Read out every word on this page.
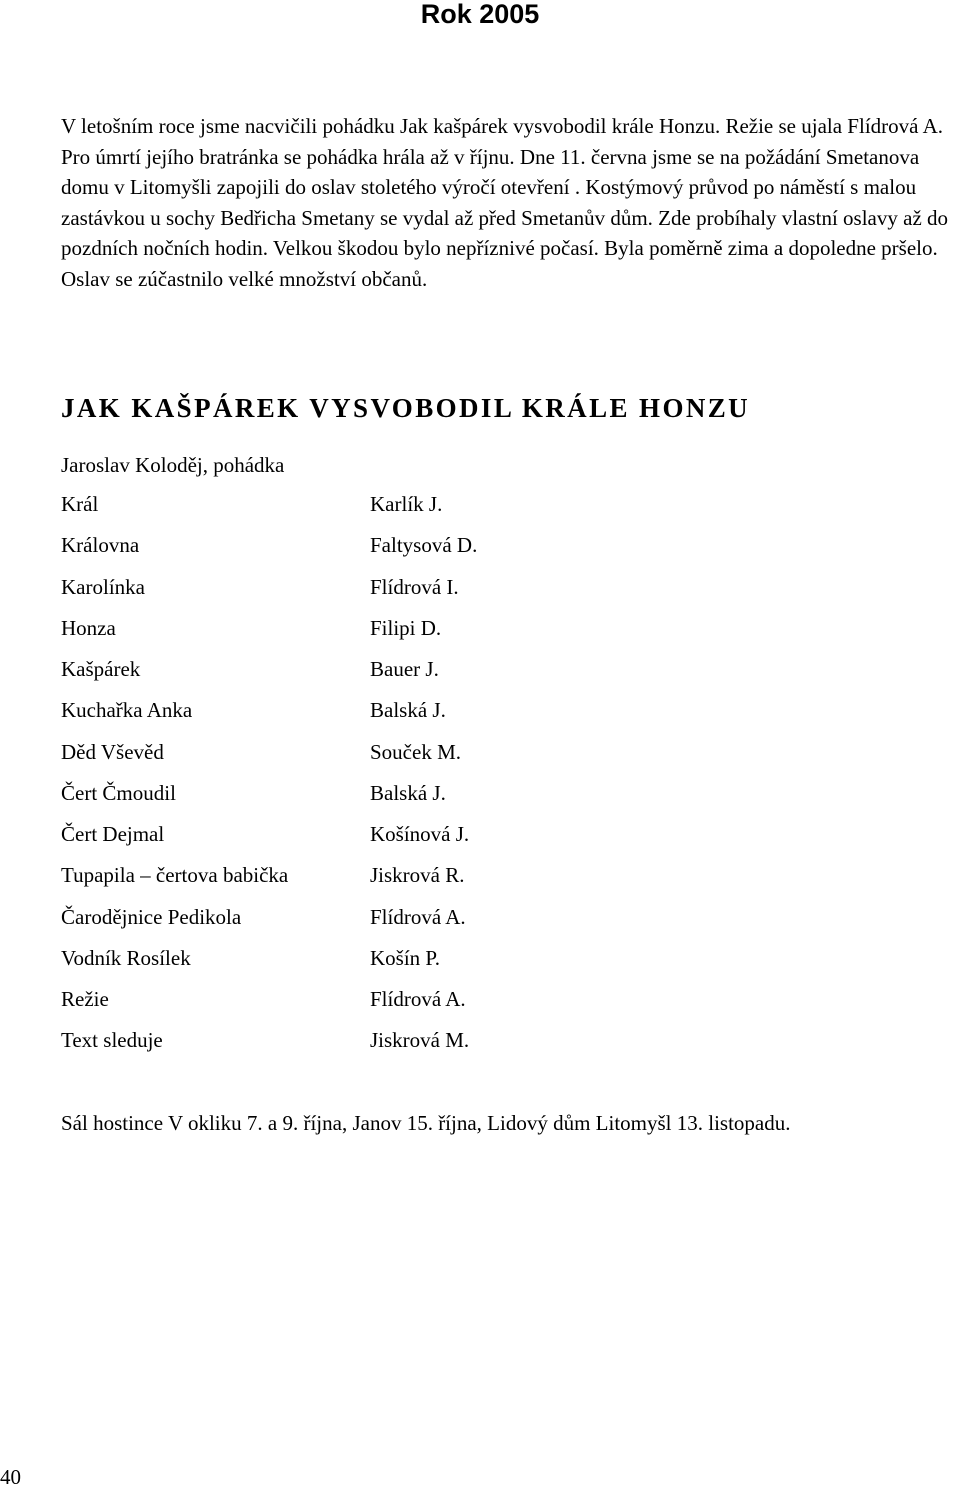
Rok 2005

V letošním roce jsme nacvičili pohádku Jak kašpárek vysvobodil krále Honzu. Režie se ujala Flídrová A. Pro úmrtí jejího bratránka se pohádka hrála až v říjnu. Dne 11. června jsme se na požádání Smetanova domu v Litomyšli zapojili do oslav stoletého výročí otevření . Kostýmový průvod po náměstí s malou zastávkou u sochy Bedřicha Smetany se vydal až před Smetanův dům. Zde probíhaly vlastní oslavy až do pozdních nočních hodin. Velkou škodou bylo nepříznivé počasí. Byla poměrně zima a dopoledne pršelo. Oslav se zúčastnilo velké množství občanů.

JAK KAŠPÁREK VYSVOBODIL KRÁLE HONZU
Jaroslav Koloděj, pohádka
Král	Karlík J.
Královna	Faltysová D.
Karolínka	Flídrová I.
Honza	Filipi D.
Kašpárek	Bauer J.
Kuchařka Anka	Balská J.
Děd Vševěd	Souček M.
Čert Čmoudil	Balská J.
Čert Dejmal	Košínová J.
Tupapila – čertova babička	Jiskrová R.
Čarodějnice Pedikola	Flídrová A.
Vodník Rosílek	Košín P.
Režie	Flídrová A.
Text sleduje	Jiskrová M.
Sál hostince V okliku 7. a 9. října, Janov 15. října, Lidový dům Litomyšl 13. listopadu.
40
